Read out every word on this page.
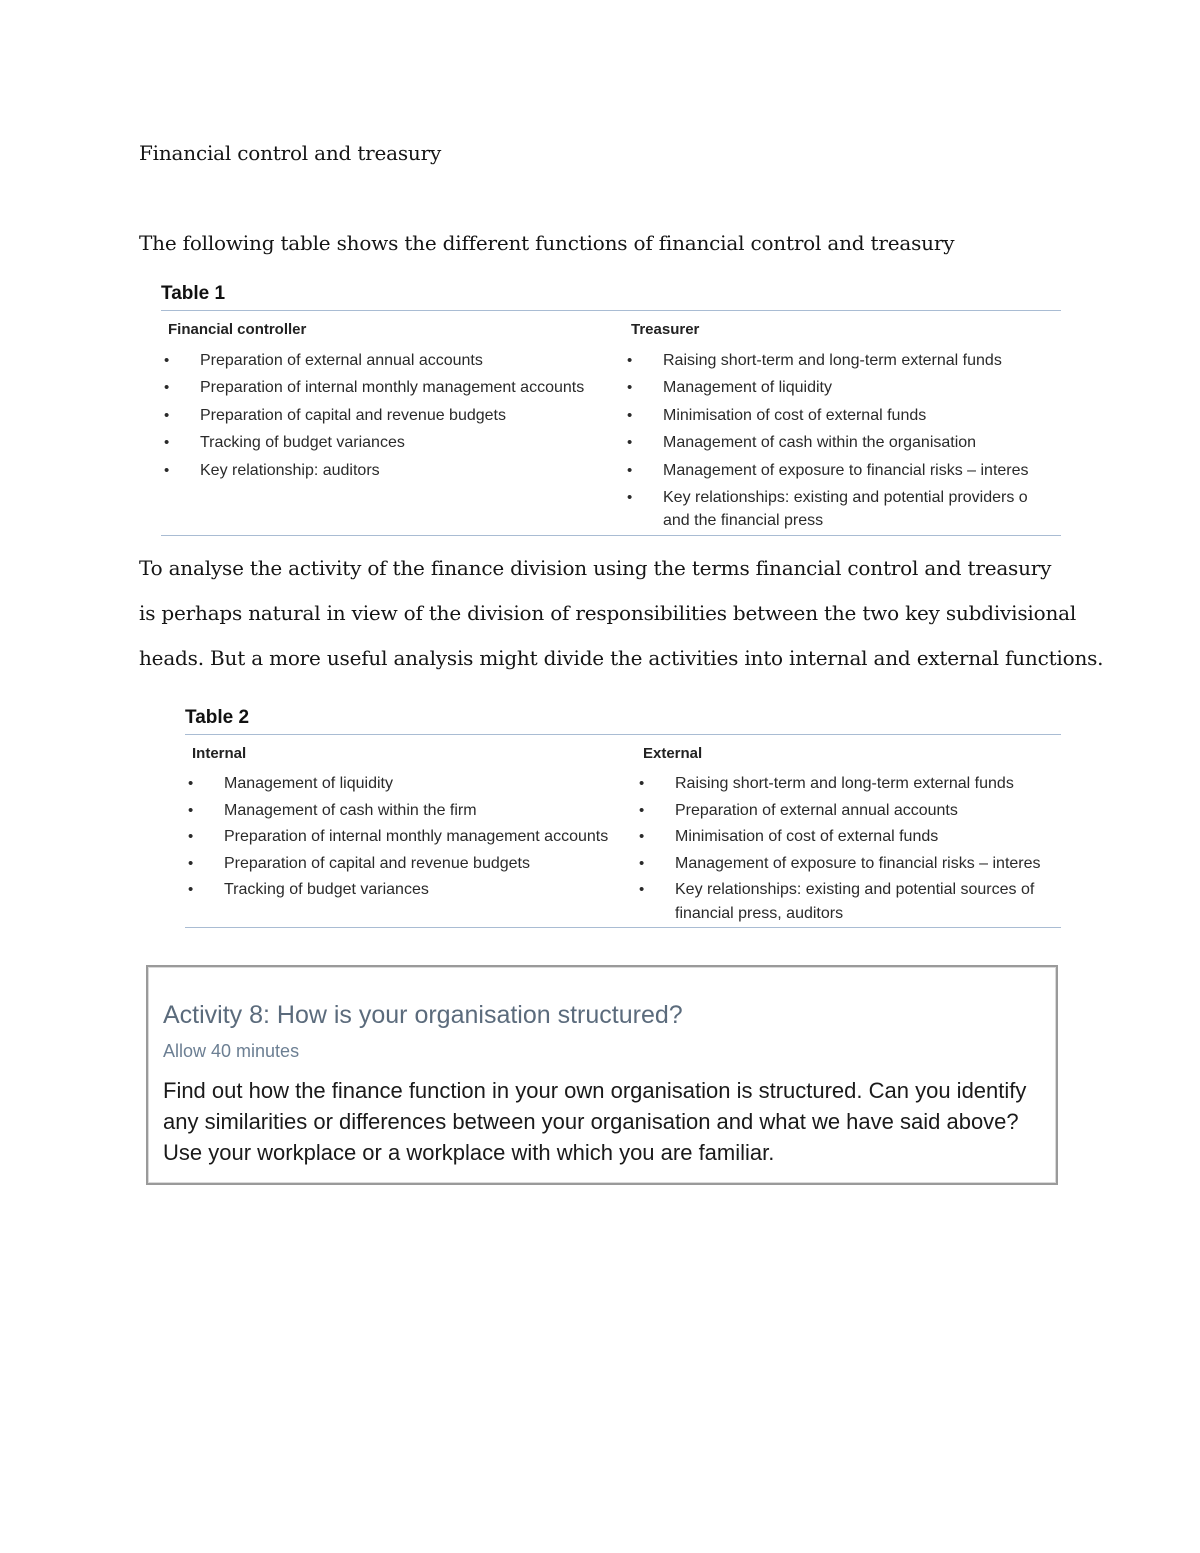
Financial control and treasury
The following table shows the different functions of financial control and treasury
Table 1
Financial controller	Treasurer
• Preparation of external annual accounts
• Preparation of internal monthly management accounts
• Preparation of capital and revenue budgets
• Tracking of budget variances
• Key relationship: auditors
• Raising short-term and long-term external funds
• Management of liquidity
• Minimisation of cost of external funds
• Management of cash within the organisation
• Management of exposure to financial risks – interes
• Key relationships: existing and potential providers o
and the financial press
To analyse the activity of the finance division using the terms financial control and treasury
is perhaps natural in view of the division of responsibilities between the two key subdivisional
heads. But a more useful analysis might divide the activities into internal and external functions.
Table 2
Internal	External
• Management of liquidity
• Management of cash within the firm
• Preparation of internal monthly management accounts
• Preparation of capital and revenue budgets
• Tracking of budget variances
• Raising short-term and long-term external funds
• Preparation of external annual accounts
• Minimisation of cost of external funds
• Management of exposure to financial risks – interes
• Key relationships: existing and potential sources of
financial press, auditors
Activity 8: How is your organisation structured?
Allow 40 minutes
Find out how the finance function in your own organisation is structured. Can you identify any similarities or differences between your organisation and what we have said above? Use your workplace or a workplace with which you are familiar.
